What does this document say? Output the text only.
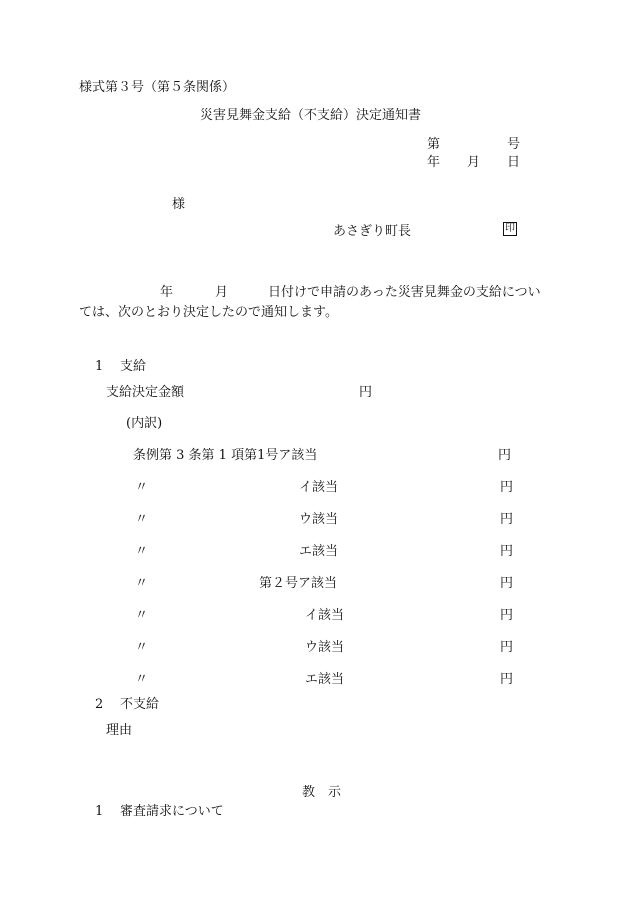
様式第３号（第５条関係）
災害見舞金支給（不支給）決定通知書
第	号
年 月 日
様
あさぎり町長	印
年	月	日付けで申請のあった災害見舞金の支給につい
ては、次のとおり決定したので通知します。
1 支給
支給決定金額	円
(内訳)
条例第 3 条第 1 項第1号ア該当	円
〃	イ該当	円
〃	ウ該当	円
〃	エ該当	円
〃	第２号ア該当	円
〃	イ該当	円
〃	ウ該当	円
〃	エ該当	円
2 不支給
理由
教　示
1 審査請求について
